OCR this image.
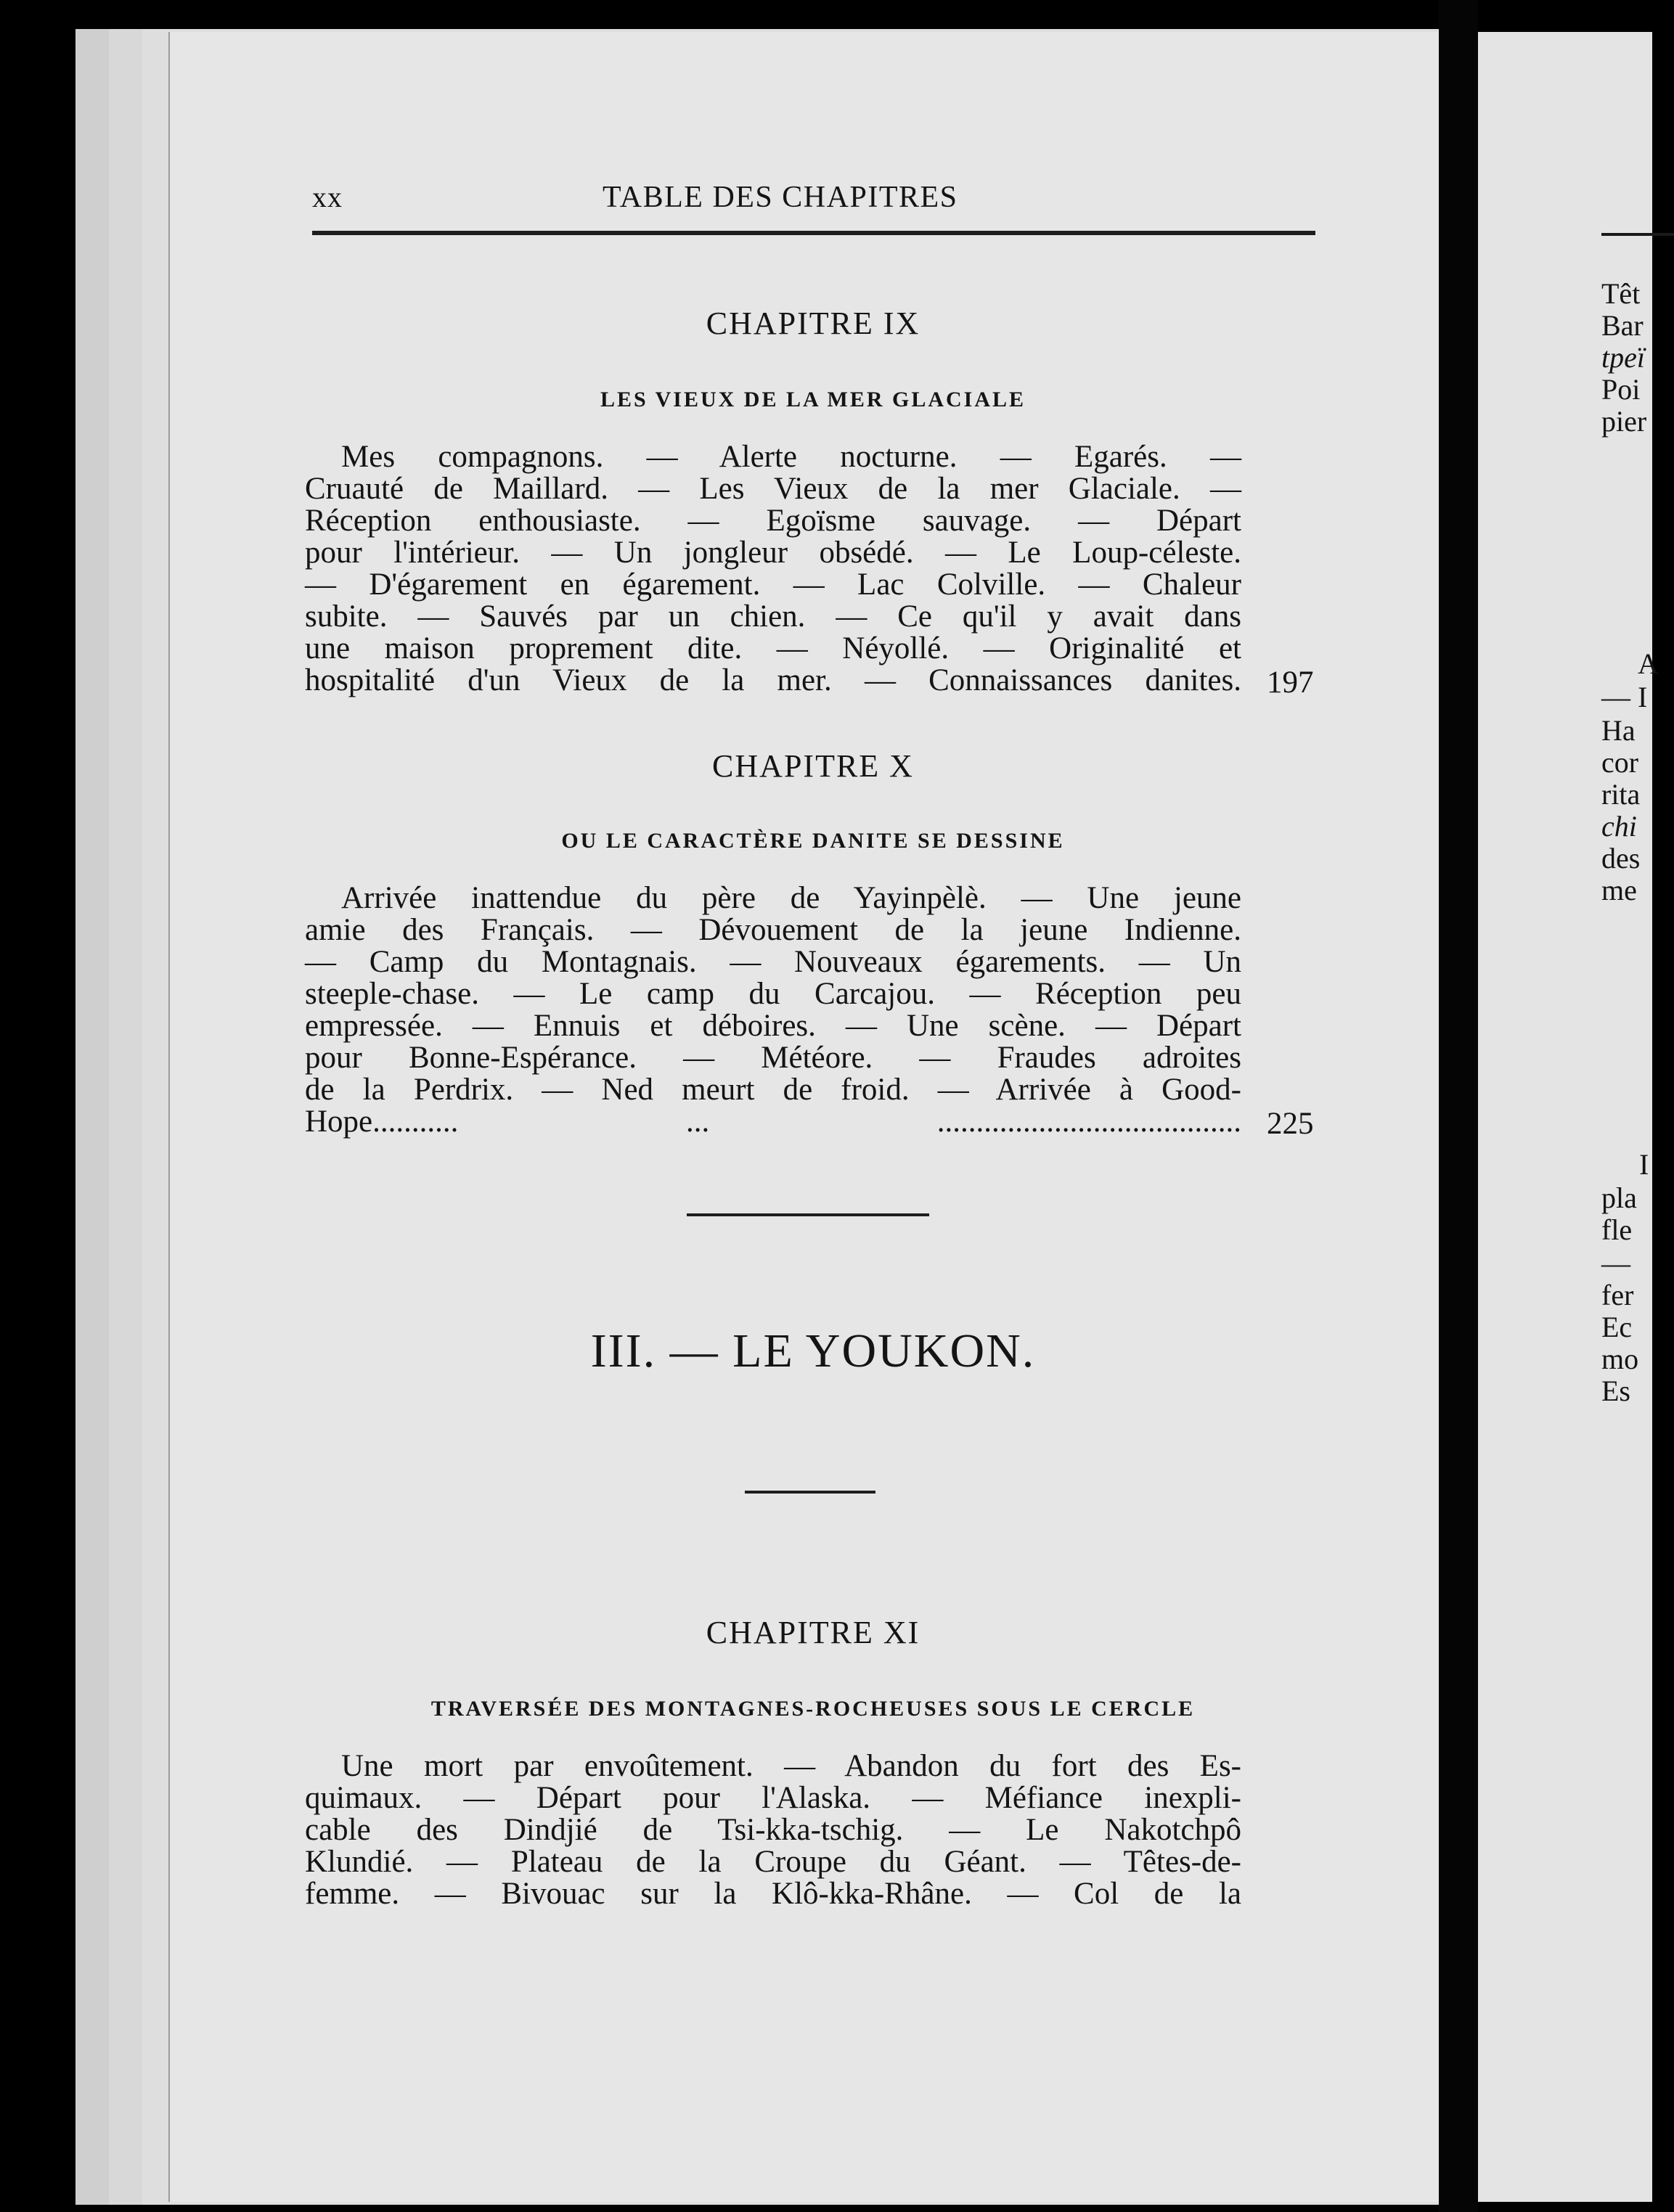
Têt
Bar
tpeï
Poi
pier
A
— I
Ha
cor
rita
chi
des
me
I
pla
fle
—
fer
Ec
mo
Es
xx	TABLE DES CHAPITRES
CHAPITRE IX
LES VIEUX DE LA MER GLACIALE
Mes compagnons. — Alerte nocturne. — Egarés. —
Cruauté de Maillard. — Les Vieux de la mer Glaciale. —
Réception enthousiaste. — Egoïsme sauvage. — Départ
pour l'intérieur. — Un jongleur obsédé. — Le Loup-céleste.
— D'égarement en égarement. — Lac Colville. — Chaleur
subite. — Sauvés par un chien. — Ce qu'il y avait dans
une maison proprement dite. — Néyollé. — Originalité et
hospitalité d'un Vieux de la mer. — Connaissances danites. 197
CHAPITRE X
OU LE CARACTÈRE DANITE SE DESSINE
Arrivée inattendue du père de Yayinpèlè. — Une jeune
amie des Français. — Dévouement de la jeune Indienne.
— Camp du Montagnais. — Nouveaux égarements. — Un
steeple-chase. — Le camp du Carcajou. — Réception peu
empressée. — Ennuis et déboires. — Une scène. — Départ
pour Bonne-Espérance. — Météore. — Fraudes adroites
de la Perdrix. — Ned meurt de froid. — Arrivée à Good-
Hope........... ... ....................................... 225
III. — LE YOUKON.
CHAPITRE XI
TRAVERSÉE DES MONTAGNES-ROCHEUSES SOUS LE CERCLE
Une mort par envoûtement. — Abandon du fort des Es-
quimaux. — Départ pour l'Alaska. — Méfiance inexpli-
cable des Dindjié de Tsi-kka-tschig. — Le Nakotchpô
Klundié. — Plateau de la Croupe du Géant. — Têtes-de-
femme. — Bivouac sur la Klô-kka-Rhâne. — Col de la
